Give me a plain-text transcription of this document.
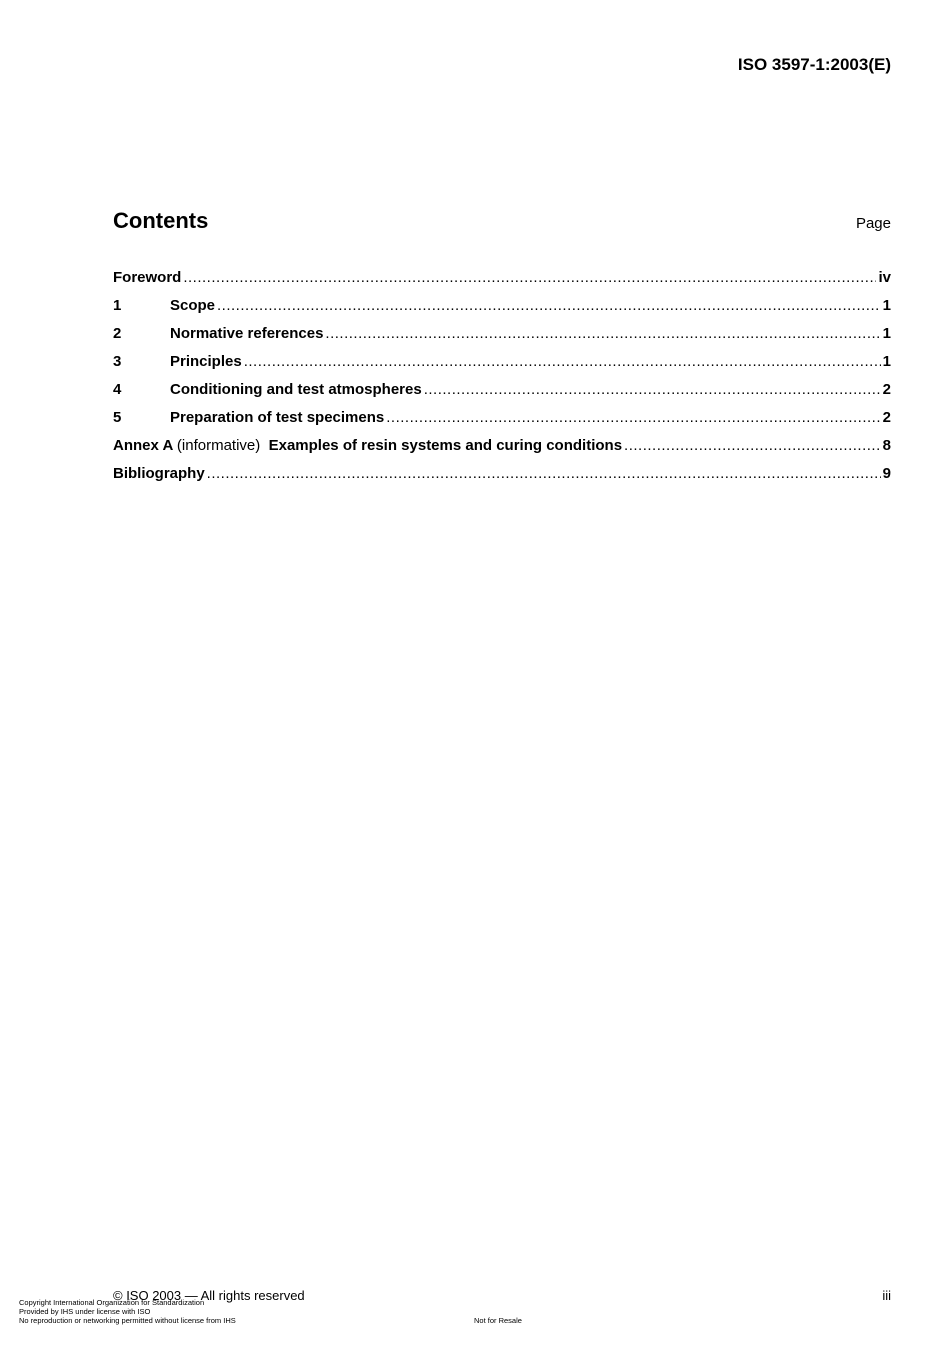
ISO 3597-1:2003(E)
Contents	Page
Foreword .....	iv
1	Scope .....	1
2	Normative references .....	1
3	Principles .....	1
4	Conditioning and test atmospheres .....	2
5	Preparation of test specimens .....	2
Annex A (informative) Examples of resin systems and curing conditions .....	8
Bibliography .....	9
© ISO 2003 — All rights reserved	iii
Copyright International Organization for Standardization
Provided by IHS under license with ISO
No reproduction or networking permitted without license from IHS	Not for Resale
